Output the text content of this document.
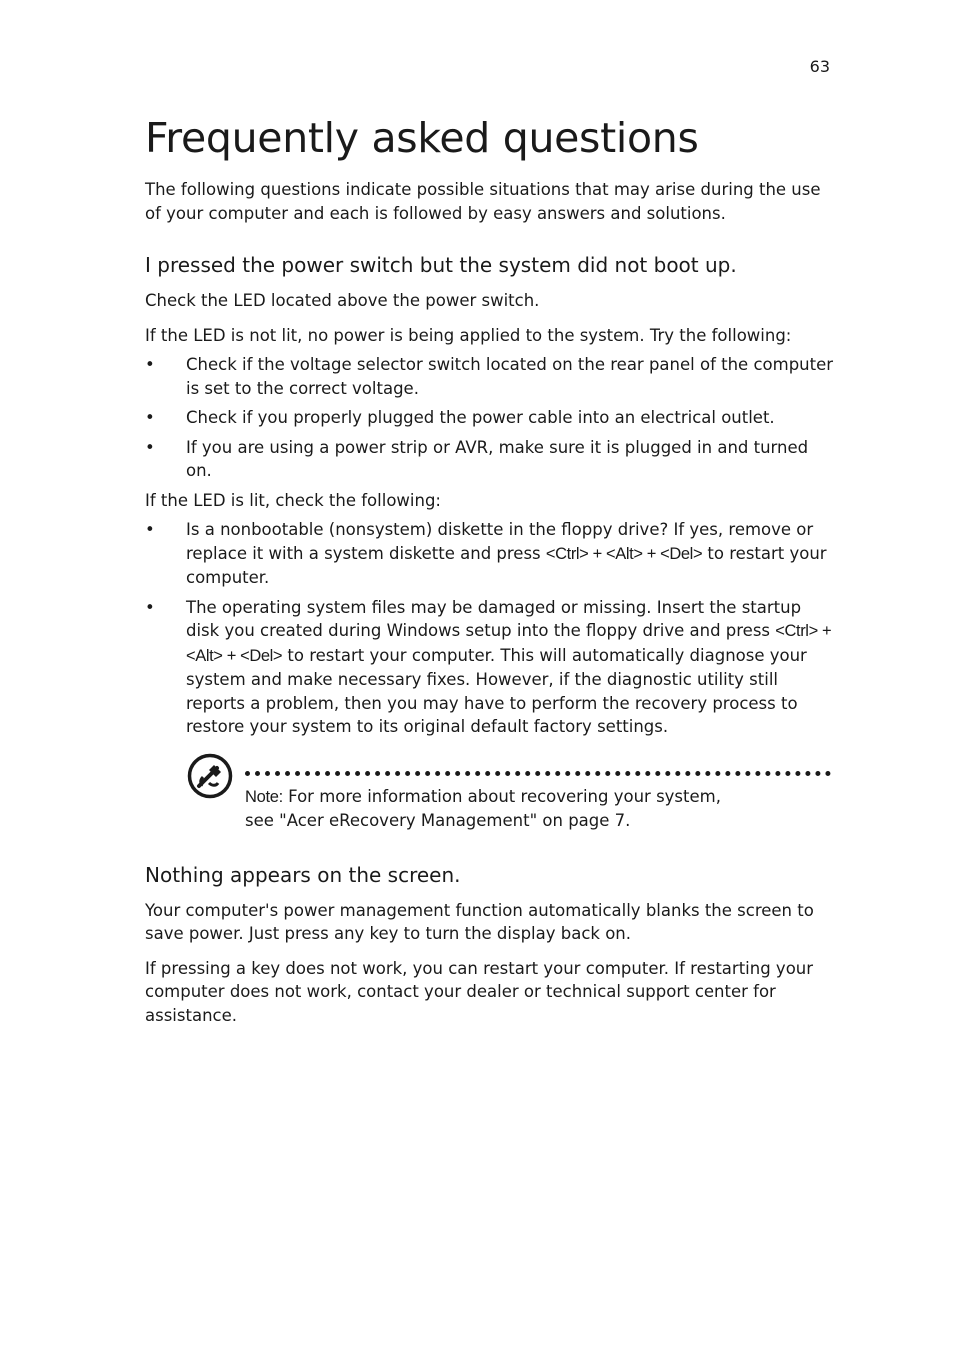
63
Frequently asked questions

The following questions indicate possible situations that may arise during the use of your computer and each is followed by easy answers and solutions.

I pressed the power switch but the system did not boot up.

Check the LED located above the power switch.

If the LED is not lit, no power is being applied to the system. Try the following:

• Check if the voltage selector switch located on the rear panel of the computer is set to the correct voltage.
• Check if you properly plugged the power cable into an electrical outlet.
• If you are using a power strip or AVR, make sure it is plugged in and turned on.

If the LED is lit, check the following:

• Is a nonbootable (nonsystem) diskette in the floppy drive? If yes, remove or replace it with a system diskette and press <Ctrl> + <Alt> + <Del> to restart your computer.
• The operating system files may be damaged or missing. Insert the startup disk you created during Windows setup into the floppy drive and press <Ctrl> + <Alt> + <Del> to restart your computer. This will automatically diagnose your system and make necessary fixes. However, if the diagnostic utility still reports a problem, then you may have to perform the recovery process to restore your system to its original default factory settings.
Note: For more information about recovering your system,
see "Acer eRecovery Management" on page 7.
Nothing appears on the screen.

Your computer's power management function automatically blanks the screen to save power. Just press any key to turn the display back on.

If pressing a key does not work, you can restart your computer. If restarting your computer does not work, contact your dealer or technical support center for assistance.
